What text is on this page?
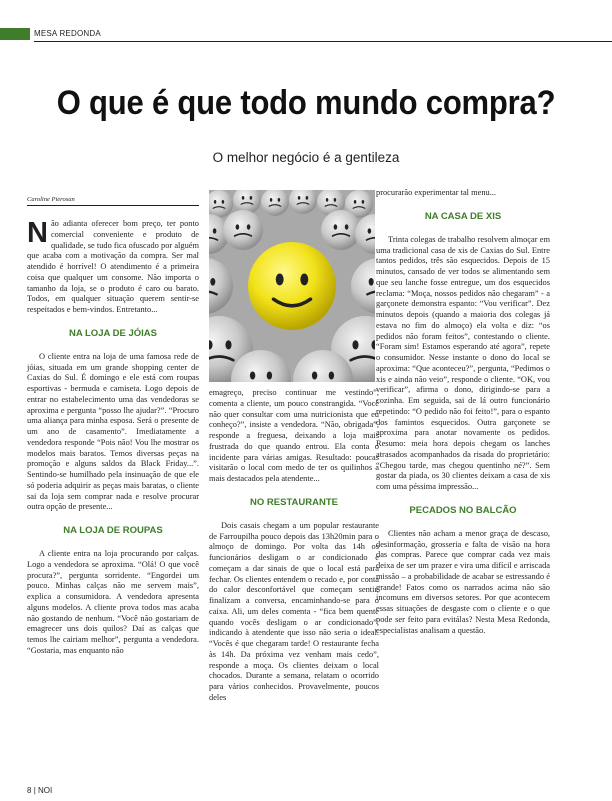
MESA REDONDA
O que é que todo mundo compra?
O melhor negócio é a gentileza
Caroline Pierosan

Não adianta oferecer bom preço, ter ponto comercial conveniente e produto de qualidade, se tudo fica ofuscado por alguém que acaba com a motivação da compra. Ser mal atendido é horrível! O atendimento é a primeira coisa que qualquer um consome. Não importa o tamanho da loja, se o produto é caro ou barato. Todos, em qualquer situação querem sentir-se respeitados e bem-vindos. Entretanto...

NA LOJA DE JÓIAS

O cliente entra na loja de uma famosa rede de jóias, situada em um grande shopping center de Caxias do Sul. É domingo e ele está com roupas esportivas - bermuda e camiseta. Logo depois de entrar no estabelecimento uma das vendedoras se aproxima e pergunta “posso lhe ajudar?”. “Procuro uma aliança para minha esposa. Será o presente de um ano de casamento”. Imediatamente a vendedora responde “Pois não! Vou lhe mostrar os modelos mais baratos. Temos diversas peças na promoção e alguns saldos da Black Friday...”. Sentindo-se humilhado pela insinuação de que ele só poderia adquirir as peças mais baratas, o cliente sai da loja sem comprar nada e resolve procurar outra opção de presente...

NA LOJA DE ROUPAS

A cliente entra na loja procurando por calças. Logo a vendedora se aproxima. “Olá! O que você procura?”, pergunta sorridente. “Engordei um pouco. Minhas calças não me servem mais”, explica a consumidora. A vendedora apresenta alguns modelos. A cliente prova todos mas acaba não gostando de nenhum. “Você não gostariam de emagrecer uns dois quilos? Daí as calças que temos lhe cairiam melhor”, pergunta a vendedora. “Gostaria, mas enquanto não

emagreço, preciso continuar me vestindo”, comenta a cliente, um pouco constrangida. “Você não quer consultar com uma nutricionista que eu conheço?”, insiste a vendedora. “Não, obrigada”, responde a freguesa, deixando a loja mais frustrada do que quando entrou. Ela conta o incidente para várias amigas. Resultado: poucas visitarão o local com medo de ter os quilinhos a mais destacados pela atendente...

NO RESTAURANTE

Dois casais chegam a um popular restaurante de Farroupilha pouco depois das 13h20min para o almoço de domingo. Por volta das 14h os funcionários desligam o ar condicionado e começam a dar sinais de que o local está para fechar. Os clientes entendem o recado e, por conta do calor desconfortável que começam sentir, finalizam a conversa, encaminhando-se para o caixa. Ali, um deles comenta - “fica bem quente quando vocês desligam o ar condicionado”, indicando à atendente que isso não seria o ideal. “Vocês é que chegaram tarde! O restaurante fecha às 14h. Da próxima vez venham mais cedo”, responde a moça. Os clientes deixam o local chocados. Durante a semana, relatam o ocorrido para vários conhecidos. Provavelmente, poucos deles

procurarão experimentar tal menu...

NA CASA DE XIS

Trinta colegas de trabalho resolvem almoçar em uma tradicional casa de xis de Caxias do Sul. Entre tantos pedidos, três são esquecidos. Depois de 15 minutos, cansado de ver todos se alimentando sem que seu lanche fosse entregue, um dos esquecidos reclama: “Moça, nossos pedidos não chegaram” - a garçonete demonstra espanto: “Vou verificar”. Dez minutos depois (quando a maioria dos colegas já estava no fim do almoço) ela volta e diz: “os pedidos não foram feitos”, contestando o cliente. “Foram sim! Estamos esperando até agora”, repete o consumidor. Nesse instante o dono do local se aproxima: “Que aconteceu?”, pergunta, “Pedimos o xis e ainda não veio”, responde o cliente. “OK, vou verificar”, afirma o dono, dirigindo-se para a cozinha. Em seguida, sai de lá outro funcionário repetindo: “O pedido não foi feito!”, para o espanto dos famintos esquecidos. Outra garçonete se aproxima para anotar novamente os pedidos. Resumo: meia hora depois chegam os lanches atrasados acompanhados da risada do proprietário: “Chegou tarde, mas chegou quentinho né?”. Sem gostar da piada, os 30 clientes deixam a casa de xis com uma péssima impressão...

PECADOS NO BALCÃO

Clientes não acham a menor graça de descaso, desinformação, grosseria e falta de visão na hora das compras. Parece que comprar cada vez mais deixa de ser um prazer e vira uma difícil e arriscada missão – a probabilidade de acabar se estressando é grande! Fatos como os narrados acima não são incomuns em diversos setores. Por que acontecem essas situações de desgaste com o cliente e o que pode ser feito para evitálas? Nesta Mesa Redonda, especialistas analisam a questão.

8 | NOI
